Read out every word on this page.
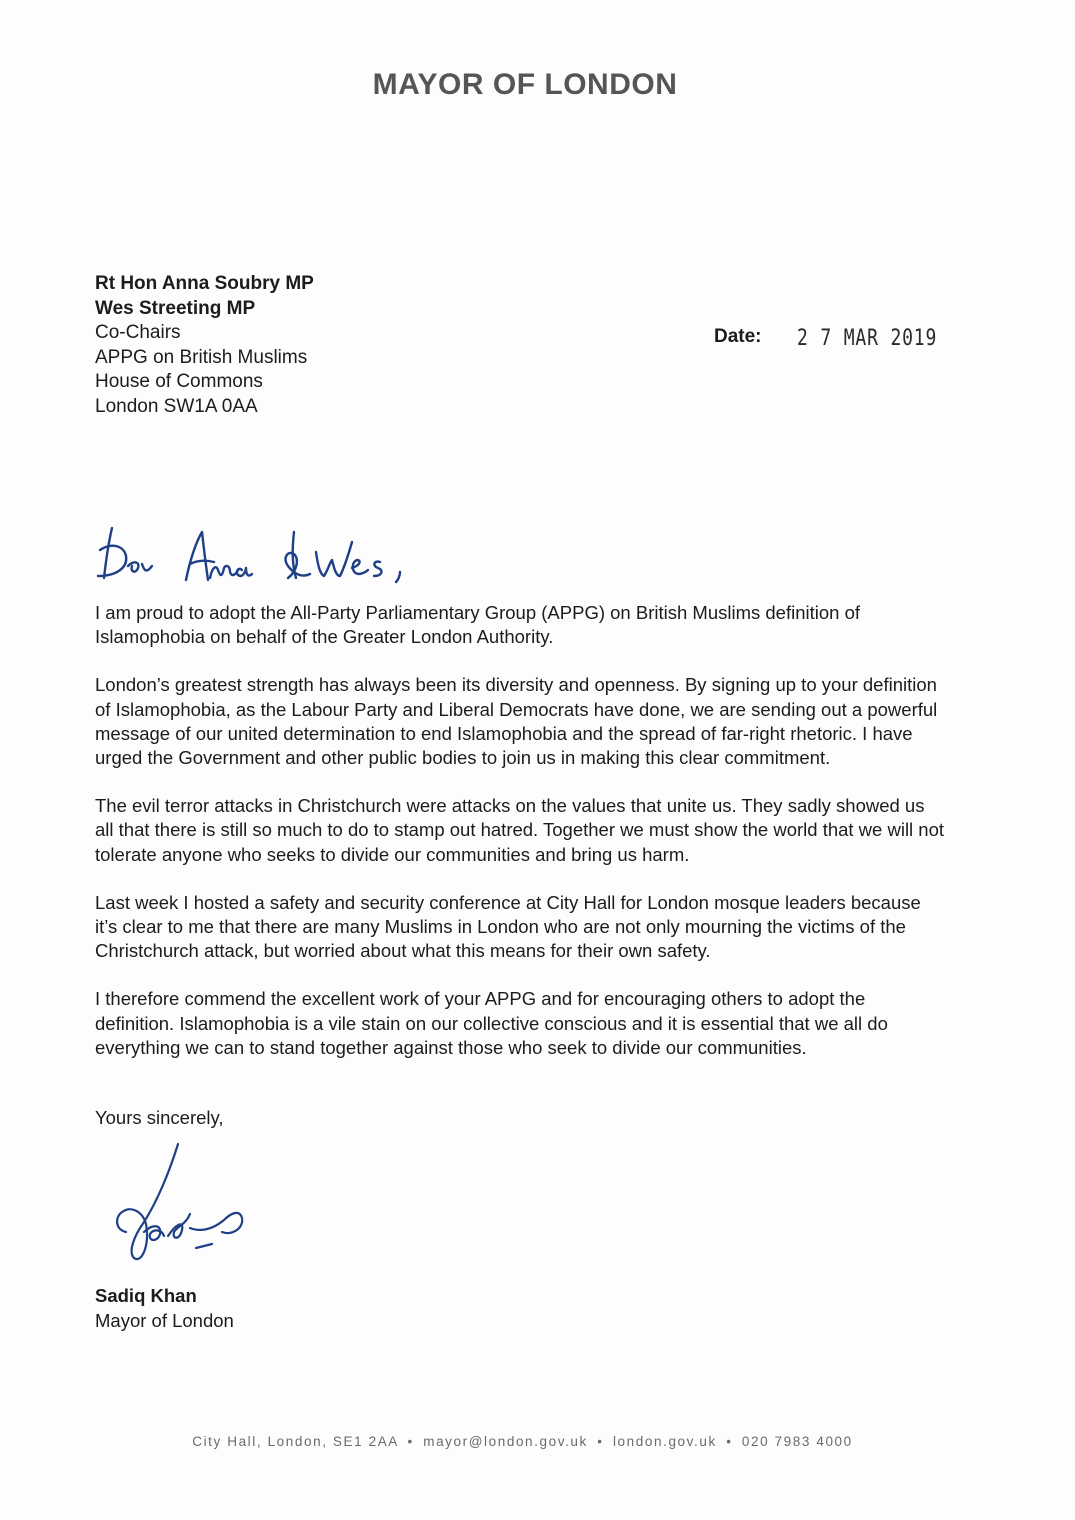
MAYOR OF LONDON
Rt Hon Anna Soubry MP
Wes Streeting MP
Co-Chairs
APPG on British Muslims
House of Commons
London SW1A 0AA
Date: 2 7 MAR 2019

I am proud to adopt the All-Party Parliamentary Group (APPG) on British Muslims definition of Islamophobia on behalf of the Greater London Authority.

London’s greatest strength has always been its diversity and openness. By signing up to your definition of Islamophobia, as the Labour Party and Liberal Democrats have done, we are sending out a powerful message of our united determination to end Islamophobia and the spread of far-right rhetoric. I have urged the Government and other public bodies to join us in making this clear commitment.

The evil terror attacks in Christchurch were attacks on the values that unite us. They sadly showed us all that there is still so much to do to stamp out hatred. Together we must show the world that we will not tolerate anyone who seeks to divide our communities and bring us harm.

Last week I hosted a safety and security conference at City Hall for London mosque leaders because it’s clear to me that there are many Muslims in London who are not only mourning the victims of the Christchurch attack, but worried about what this means for their own safety.

I therefore commend the excellent work of your APPG and for encouraging others to adopt the definition. Islamophobia is a vile stain on our collective conscious and it is essential that we all do everything we can to stand together against those who seek to divide our communities.

Yours sincerely,
Sadiq Khan
Mayor of London
City Hall, London, SE1 2AA • mayor@london.gov.uk • london.gov.uk • 020 7983 4000
